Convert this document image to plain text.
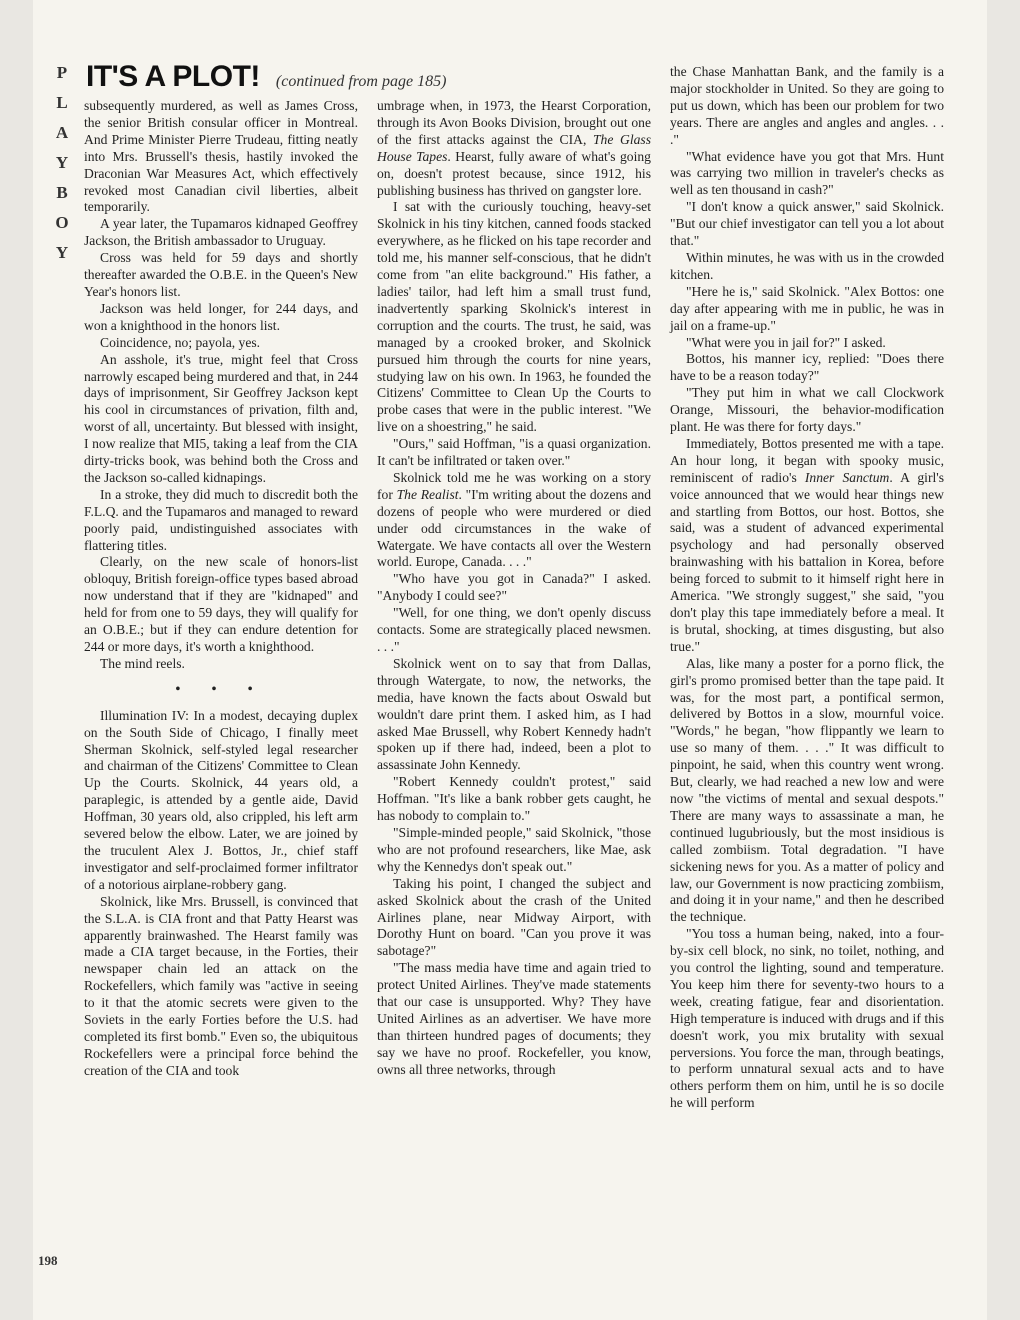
P
L
A
Y
B
O
Y
IT'S A PLOT! (continued from page 185)

subsequently murdered, as well as James Cross, the senior British consular officer in Montreal. And Prime Minister Pierre Trudeau, fitting neatly into Mrs. Brussell's thesis, hastily invoked the Draconian War Measures Act, which effectively revoked most Canadian civil liberties, albeit temporarily.

A year later, the Tupamaros kidnaped Geoffrey Jackson, the British ambassador to Uruguay.

Cross was held for 59 days and shortly thereafter awarded the O.B.E. in the Queen's New Year's honors list.

Jackson was held longer, for 244 days, and won a knighthood in the honors list.

Coincidence, no; payola, yes.

An asshole, it's true, might feel that Cross narrowly escaped being murdered and that, in 244 days of imprisonment, Sir Geoffrey Jackson kept his cool in circumstances of privation, filth and, worst of all, uncertainty. But blessed with insight, I now realize that MI5, taking a leaf from the CIA dirty-tricks book, was behind both the Cross and the Jackson so-called kidnapings.

In a stroke, they did much to discredit both the F.L.Q. and the Tupamaros and managed to reward poorly paid, undistinguished associates with flattering titles.

Clearly, on the new scale of honors-list obloquy, British foreign-office types based abroad now understand that if they are "kidnaped" and held for from one to 59 days, they will qualify for an O.B.E.; but if they can endure detention for 244 or more days, it's worth a knighthood.

The mind reels.

• • •

Illumination IV: In a modest, decaying duplex on the South Side of Chicago, I finally meet Sherman Skolnick, self-styled legal researcher and chairman of the Citizens' Committee to Clean Up the Courts. Skolnick, 44 years old, a paraplegic, is attended by a gentle aide, David Hoffman, 30 years old, also crippled, his left arm severed below the elbow. Later, we are joined by the truculent Alex J. Bottos, Jr., chief staff investigator and self-proclaimed former infiltrator of a notorious airplane-robbery gang.

Skolnick, like Mrs. Brussell, is convinced that the S.L.A. is CIA front and that Patty Hearst was apparently brainwashed. The Hearst family was made a CIA target because, in the Forties, their newspaper chain led an attack on the Rockefellers, which family was "active in seeing to it that the atomic secrets were given to the Soviets in the early Forties before the U.S. had completed its first bomb." Even so, the ubiquitous Rockefellers were a principal force behind the creation of the CIA and took

umbrage when, in 1973, the Hearst Corporation, through its Avon Books Division, brought out one of the first attacks against the CIA, The Glass House Tapes. Hearst, fully aware of what's going on, doesn't protest because, since 1912, his publishing business has thrived on gangster lore.

I sat with the curiously touching, heavy-set Skolnick in his tiny kitchen, canned foods stacked everywhere, as he flicked on his tape recorder and told me, his manner self-conscious, that he didn't come from "an elite background." His father, a ladies' tailor, had left him a small trust fund, inadvertently sparking Skolnick's interest in corruption and the courts. The trust, he said, was managed by a crooked broker, and Skolnick pursued him through the courts for nine years, studying law on his own. In 1963, he founded the Citizens' Committee to Clean Up the Courts to probe cases that were in the public interest. "We live on a shoestring," he said.

"Ours," said Hoffman, "is a quasi organization. It can't be infiltrated or taken over."

Skolnick told me he was working on a story for The Realist. "I'm writing about the dozens and dozens of people who were murdered or died under odd circumstances in the wake of Watergate. We have contacts all over the Western world. Europe, Canada. . . ."

"Who have you got in Canada?" I asked. "Anybody I could see?"

"Well, for one thing, we don't openly discuss contacts. Some are strategically placed newsmen. . . ."

Skolnick went on to say that from Dallas, through Watergate, to now, the networks, the media, have known the facts about Oswald but wouldn't dare print them. I asked him, as I had asked Mae Brussell, why Robert Kennedy hadn't spoken up if there had, indeed, been a plot to assassinate John Kennedy.

"Robert Kennedy couldn't protest," said Hoffman. "It's like a bank robber gets caught, he has nobody to complain to."

"Simple-minded people," said Skolnick, "those who are not profound researchers, like Mae, ask why the Kennedys don't speak out."

Taking his point, I changed the subject and asked Skolnick about the crash of the United Airlines plane, near Midway Airport, with Dorothy Hunt on board. "Can you prove it was sabotage?"

"The mass media have time and again tried to protect United Airlines. They've made statements that our case is unsupported. Why? They have United Airlines as an advertiser. We have more than thirteen hundred pages of documents; they say we have no proof. Rockefeller, you know, owns all three networks, through

the Chase Manhattan Bank, and the family is a major stockholder in United. So they are going to put us down, which has been our problem for two years. There are angles and angles and angles. . . ."

"What evidence have you got that Mrs. Hunt was carrying two million in traveler's checks as well as ten thousand in cash?"

"I don't know a quick answer," said Skolnick. "But our chief investigator can tell you a lot about that."

Within minutes, he was with us in the crowded kitchen.

"Here he is," said Skolnick. "Alex Bottos: one day after appearing with me in public, he was in jail on a frame-up."

"What were you in jail for?" I asked.

Bottos, his manner icy, replied: "Does there have to be a reason today?"

"They put him in what we call Clockwork Orange, Missouri, the behavior-modification plant. He was there for forty days."

Immediately, Bottos presented me with a tape. An hour long, it began with spooky music, reminiscent of radio's Inner Sanctum. A girl's voice announced that we would hear things new and startling from Bottos, our host. Bottos, she said, was a student of advanced experimental psychology and had personally observed brainwashing with his battalion in Korea, before being forced to submit to it himself right here in America. "We strongly suggest," she said, "you don't play this tape immediately before a meal. It is brutal, shocking, at times disgusting, but also true."

Alas, like many a poster for a porno flick, the girl's promo promised better than the tape paid. It was, for the most part, a pontifical sermon, delivered by Bottos in a slow, mournful voice. "Words," he began, "how flippantly we learn to use so many of them. . . ." It was difficult to pinpoint, he said, when this country went wrong. But, clearly, we had reached a new low and were now "the victims of mental and sexual despots." There are many ways to assassinate a man, he continued lugubriously, but the most insidious is called zombiism. Total degradation. "I have sickening news for you. As a matter of policy and law, our Government is now practicing zombiism, and doing it in your name," and then he described the technique.

"You toss a human being, naked, into a four-by-six cell block, no sink, no toilet, nothing, and you control the lighting, sound and temperature. You keep him there for seventy-two hours to a week, creating fatigue, fear and disorientation. High temperature is induced with drugs and if this doesn't work, you mix brutality with sexual perversions. You force the man, through beatings, to perform unnatural sexual acts and to have others perform them on him, until he is so docile he will perform

198
